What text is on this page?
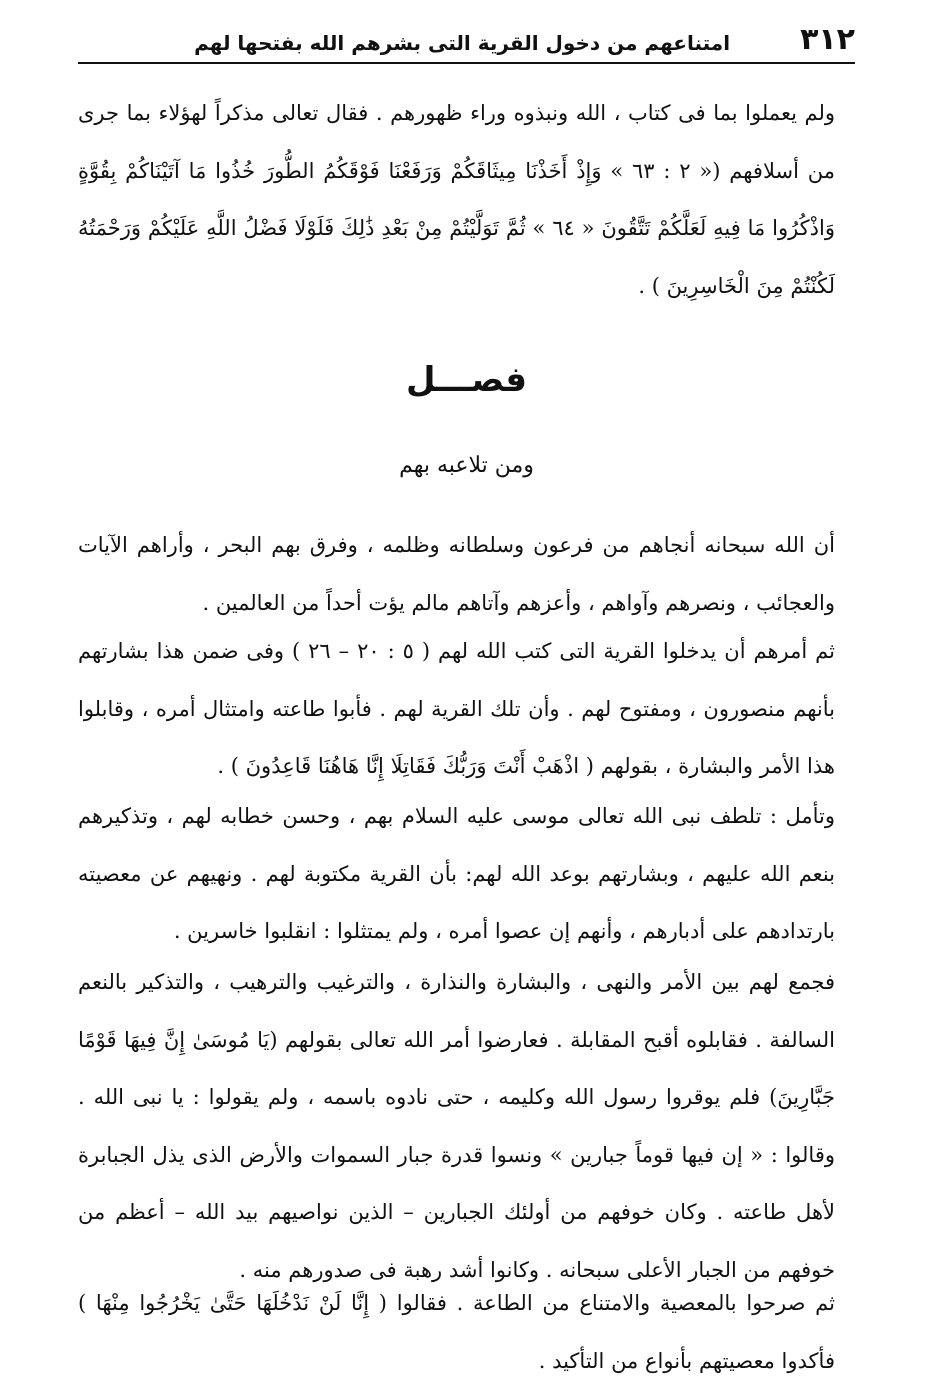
٣١٢
امتناعهم من دخول القرية التى بشرهم الله بفتحها لهم

ولم يعملوا بما فى كتاب ، الله ونبذوه وراء ظهورهم . فقال تعالى مذكراً لهؤلاء بما جرى من أسلافهم (« ٢ : ٦٣ » وَإِذْ أَخَذْنَا مِيثَاقَكُمْ وَرَفَعْنَا فَوْقَكُمُ الطُّورَ خُذُوا مَا آتَيْنَاكُمْ بِقُوَّةٍ وَاذْكُرُوا مَا فِيهِ لَعَلَّكُمْ تَتَّقُونَ « ٦٤ » ثُمَّ تَوَلَّيْتُمْ مِنْ بَعْدِ ذَٰلِكَ فَلَوْلَا فَضْلُ اللَّهِ عَلَيْكُمْ وَرَحْمَتُهُ لَكُنْتُمْ مِنَ الْخَاسِرِينَ ) .

فصـــل
ومن تلاعبه بهم

أن الله سبحانه أنجاهم من فرعون وسلطانه وظلمه ، وفرق بهم البحر ، وأراهم الآيات والعجائب ، ونصرهم وآواهم ، وأعزهم وآتاهم مالم يؤت أحداً من العالمين .

ثم أمرهم أن يدخلوا القرية التى كتب الله لهم ( ٥ : ٢٠ – ٢٦ ) وفى ضمن هذا بشارتهم بأنهم منصورون ، ومفتوح لهم . وأن تلك القرية لهم . فأبوا طاعته وامتثال أمره ، وقابلوا هذا الأمر والبشارة ، بقولهم ( اذْهَبْ أَنْتَ وَرَبُّكَ فَقَاتِلَا إِنَّا هَاهُنَا قَاعِدُونَ ) .

وتأمل : تلطف نبى الله تعالى موسى عليه السلام بهم ، وحسن خطابه لهم ، وتذكيرهم بنعم الله عليهم ، وبشارتهم بوعد الله لهم: بأن القرية مكتوبة لهم . ونهيهم عن معصيته بارتدادهم على أدبارهم ، وأنهم إن عصوا أمره ، ولم يمتثلوا : انقلبوا خاسرين .

فجمع لهم بين الأمر والنهى ، والبشارة والنذارة ، والترغيب والترهيب ، والتذكير بالنعم السالفة . فقابلوه أقبح المقابلة . فعارضوا أمر الله تعالى بقولهم (يَا مُوسَىٰ إِنَّ فِيهَا قَوْمًا جَبَّارِينَ) فلم يوقروا رسول الله وكليمه ، حتى نادوه باسمه ، ولم يقولوا : يا نبى الله . وقالوا : « إن فيها قوماً جبارين » ونسوا قدرة جبار السموات والأرض الذى يذل الجبابرة لأهل طاعته . وكان خوفهم من أولئك الجبارين – الذين نواصيهم بيد الله – أعظم من خوفهم من الجبار الأعلى سبحانه . وكانوا أشد رهبة فى صدورهم منه .

ثم صرحوا بالمعصية والامتناع من الطاعة . فقالوا ( إِنَّا لَنْ نَدْخُلَهَا حَتَّىٰ يَخْرُجُوا مِنْهَا ) فأكدوا معصيتهم بأنواع من التأكيد .
